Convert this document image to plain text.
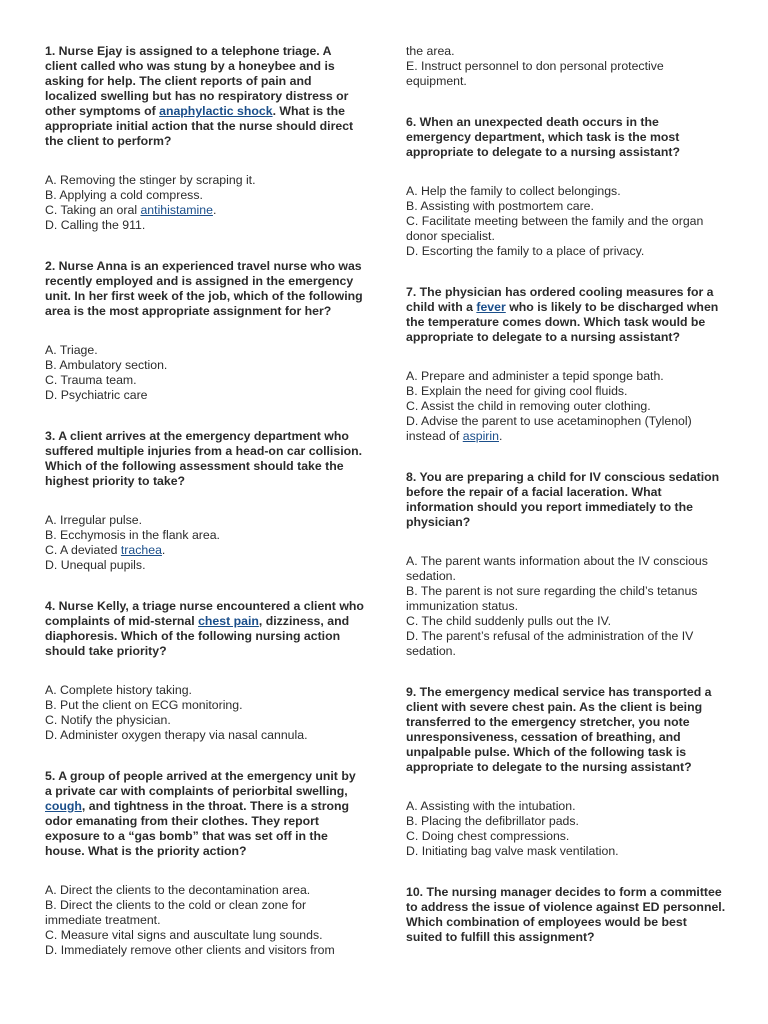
1. Nurse Ejay is assigned to a telephone triage. A client called who was stung by a honeybee and is asking for help. The client reports of pain and localized swelling but has no respiratory distress or other symptoms of anaphylactic shock. What is the appropriate initial action that the nurse should direct the client to perform?
A. Removing the stinger by scraping it.
B. Applying a cold compress.
C. Taking an oral antihistamine.
D. Calling the 911.
2. Nurse Anna is an experienced travel nurse who was recently employed and is assigned in the emergency unit. In her first week of the job, which of the following area is the most appropriate assignment for her?
A. Triage.
B. Ambulatory section.
C. Trauma team.
D. Psychiatric care
3. A client arrives at the emergency department who suffered multiple injuries from a head-on car collision. Which of the following assessment should take the highest priority to take?
A. Irregular pulse.
B. Ecchymosis in the flank area.
C. A deviated trachea.
D. Unequal pupils.
4. Nurse Kelly, a triage nurse encountered a client who complaints of mid-sternal chest pain, dizziness, and diaphoresis. Which of the following nursing action should take priority?
A. Complete history taking.
B. Put the client on ECG monitoring.
C. Notify the physician.
D. Administer oxygen therapy via nasal cannula.
5. A group of people arrived at the emergency unit by a private car with complaints of periorbital swelling, cough, and tightness in the throat. There is a strong odor emanating from their clothes. They report exposure to a “gas bomb” that was set off in the house. What is the priority action?
A. Direct the clients to the decontamination area.
B. Direct the clients to the cold or clean zone for immediate treatment.
C. Measure vital signs and auscultate lung sounds.
D. Immediately remove other clients and visitors from
the area.
E. Instruct personnel to don personal protective equipment.
6. When an unexpected death occurs in the emergency department, which task is the most appropriate to delegate to a nursing assistant?
A. Help the family to collect belongings.
B. Assisting with postmortem care.
C. Facilitate meeting between the family and the organ donor specialist.
D. Escorting the family to a place of privacy.
7. The physician has ordered cooling measures for a child with a fever who is likely to be discharged when the temperature comes down. Which task would be appropriate to delegate to a nursing assistant?
A. Prepare and administer a tepid sponge bath.
B. Explain the need for giving cool fluids.
C. Assist the child in removing outer clothing.
D. Advise the parent to use acetaminophen (Tylenol) instead of aspirin.
8. You are preparing a child for IV conscious sedation before the repair of a facial laceration. What information should you report immediately to the physician?
A. The parent wants information about the IV conscious sedation.
B. The parent is not sure regarding the child’s tetanus immunization status.
C. The child suddenly pulls out the IV.
D. The parent’s refusal of the administration of the IV sedation.
9. The emergency medical service has transported a client with severe chest pain. As the client is being transferred to the emergency stretcher, you note unresponsiveness, cessation of breathing, and unpalpable pulse. Which of the following task is appropriate to delegate to the nursing assistant?
A. Assisting with the intubation.
B. Placing the defibrillator pads.
C. Doing chest compressions.
D. Initiating bag valve mask ventilation.
10. The nursing manager decides to form a committee to address the issue of violence against ED personnel. Which combination of employees would be best suited to fulfill this assignment?
